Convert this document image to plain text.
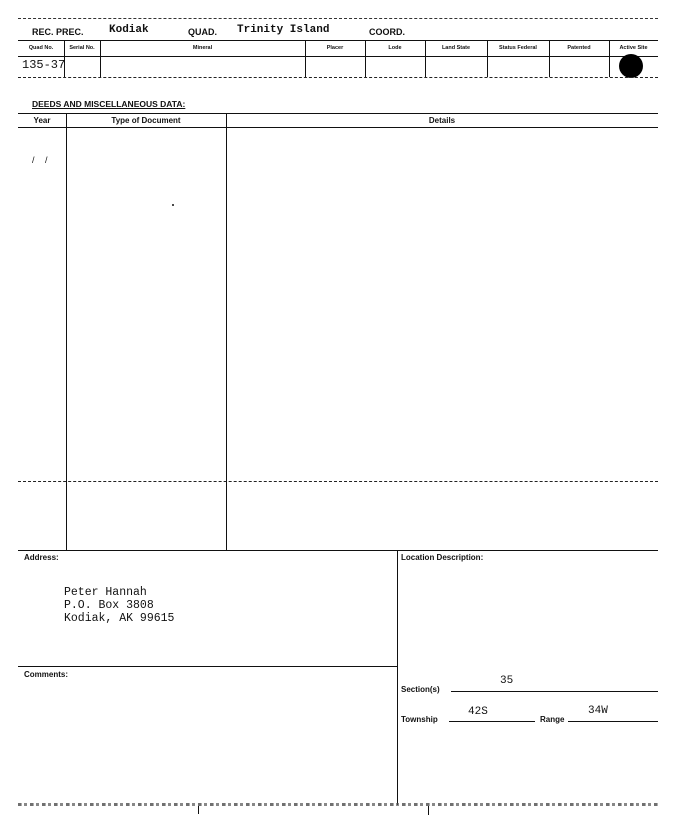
REC. PREC. Kodiak	QUAD. Trinity Island	COORD.
Quad No.	Serial No.	Mineral	Placer	Lode	Land State	Status Federal	Patented	Active Site
135-37
DEEDS AND MISCELLANEOUS DATA:
Year	Type of Document	Details
/ /
Address:
Peter Hannah
P.O. Box 3808
Kodiak, AK 99615
Location Description:
Comments:
Section(s)
35
Township
42S
Range
34W
